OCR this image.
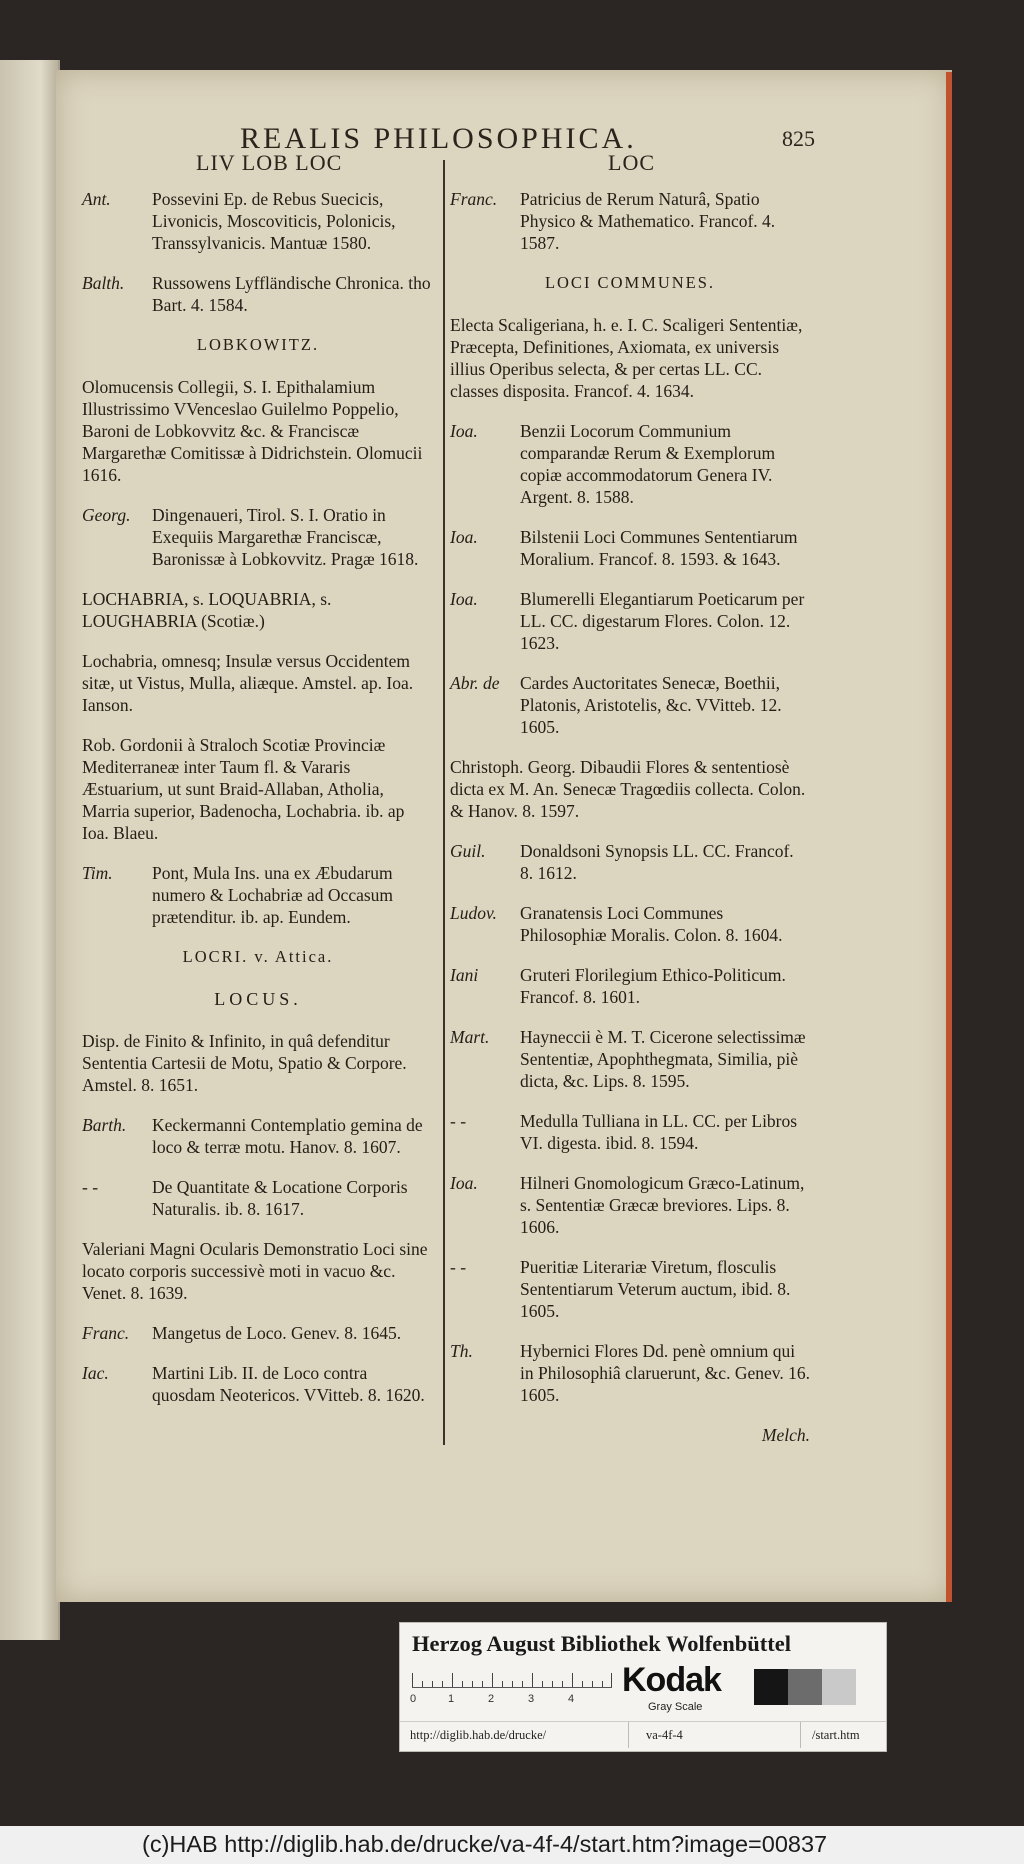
REALIS PHILOSOPHICA.	825
LIV LOB LOC	LOC
Ant.	Possevini Ep. de Rebus Suecicis, Livonicis, Moscoviticis, Polonicis, Transsylvanicis. Mantuæ 1580.
Balth.	Russowens Lyffländische Chronica. tho Bart. 4. 1584.
LOBKOWITZ.
Olomucensis Collegii, S. I. Epithalamium Illustrissimo VVenceslao Guilelmo Poppelio, Baroni de Lobkovvitz &c. & Franciscæ Margarethæ Comitissæ à Didrichstein. Olomucii 1616.
Georg.	Dingenaueri, Tirol. S. I. Oratio in Exequiis Margarethæ Franciscæ, Baronissæ à Lobkovvitz. Pragæ 1618.
LOCHABRIA, s. LOQUABRIA, s. LOUGHABRIA (Scotiæ.)
Lochabria, omnesq; Insulæ versus Occidentem sitæ, ut Vistus, Mulla, aliæque. Amstel. ap. Ioa. Ianson.
Rob. Gordonii à Straloch Scotiæ Provinciæ Mediterraneæ inter Taum fl. & Vararis Æstuarium, ut sunt Braid-Allaban, Atholia, Marria superior, Badenocha, Lochabria. ib. ap Ioa. Blaeu.
Tim.	Pont, Mula Ins. una ex Æbudarum numero & Lochabriæ ad Occasum prætenditur. ib. ap. Eundem.
LOCRI. v. Attica.
LOCUS.
Disp. de Finito & Infinito, in quâ defenditur Sententia Cartesii de Motu, Spatio & Corpore. Amstel. 8. 1651.
Barth.	Keckermanni Contemplatio gemina de loco & terræ motu. Hanov. 8. 1607.
- -	De Quantitate & Locatione Corporis Naturalis. ib. 8. 1617.
Valeriani Magni Ocularis Demonstratio Loci sine locato corporis successivè moti in vacuo &c. Venet. 8. 1639.
Franc.	Mangetus de Loco. Genev. 8. 1645.
Iac.	Martini Lib. II. de Loco contra quosdam Neotericos. VVitteb. 8. 1620.
Franc.	Patricius de Rerum Naturâ, Spatio Physico & Mathematico. Francof. 4. 1587.
LOCI COMMUNES.
Electa Scaligeriana, h. e. I. C. Scaligeri Sententiæ, Præcepta, Definitiones, Axiomata, ex universis illius Operibus selecta, & per certas LL. CC. classes disposita. Francof. 4. 1634.
Ioa.	Benzii Locorum Communium comparandæ Rerum & Exemplorum copiæ accommodatorum Genera IV. Argent. 8. 1588.
Ioa.	Bilstenii Loci Communes Sententiarum Moralium. Francof. 8. 1593. & 1643.
Ioa.	Blumerelli Elegantiarum Poeticarum per LL. CC. digestarum Flores. Colon. 12. 1623.
Abr. de	Cardes Auctoritates Senecæ, Boethii, Platonis, Aristotelis, &c. VVitteb. 12. 1605.
Christoph. Georg. Dibaudii Flores & sententiosè dicta ex M. An. Senecæ Tragœdiis collecta. Colon. & Hanov. 8. 1597.
Guil.	Donaldsoni Synopsis LL. CC. Francof. 8. 1612.
Ludov.	Granatensis Loci Communes Philosophiæ Moralis. Colon. 8. 1604.
Iani	Gruteri Florilegium Ethico-Politicum. Francof. 8. 1601.
Mart.	Hayneccii è M. T. Cicerone selectissimæ Sententiæ, Apophthegmata, Similia, piè dicta, &c. Lips. 8. 1595.
- -	Medulla Tulliana in LL. CC. per Libros VI. digesta. ibid. 8. 1594.
Ioa.	Hilneri Gnomologicum Græco-Latinum, s. Sententiæ Græcæ breviores. Lips. 8. 1606.
- -	Pueritiæ Literariæ Viretum, flosculis Sententiarum Veterum auctum, ibid. 8. 1605.
Th.	Hybernici Flores Dd. penè omnium qui in Philosophiâ claruerunt, &c. Genev. 16. 1605.
Melch.
Herzog August Bibliothek Wolfenbüttel
0	1	2	3	4 Kodak
Gray Scale
http://diglib.hab.de/drucke/	va-4f-4	/start.htm
(c)HAB http://diglib.hab.de/drucke/va-4f-4/start.htm?image=00837
